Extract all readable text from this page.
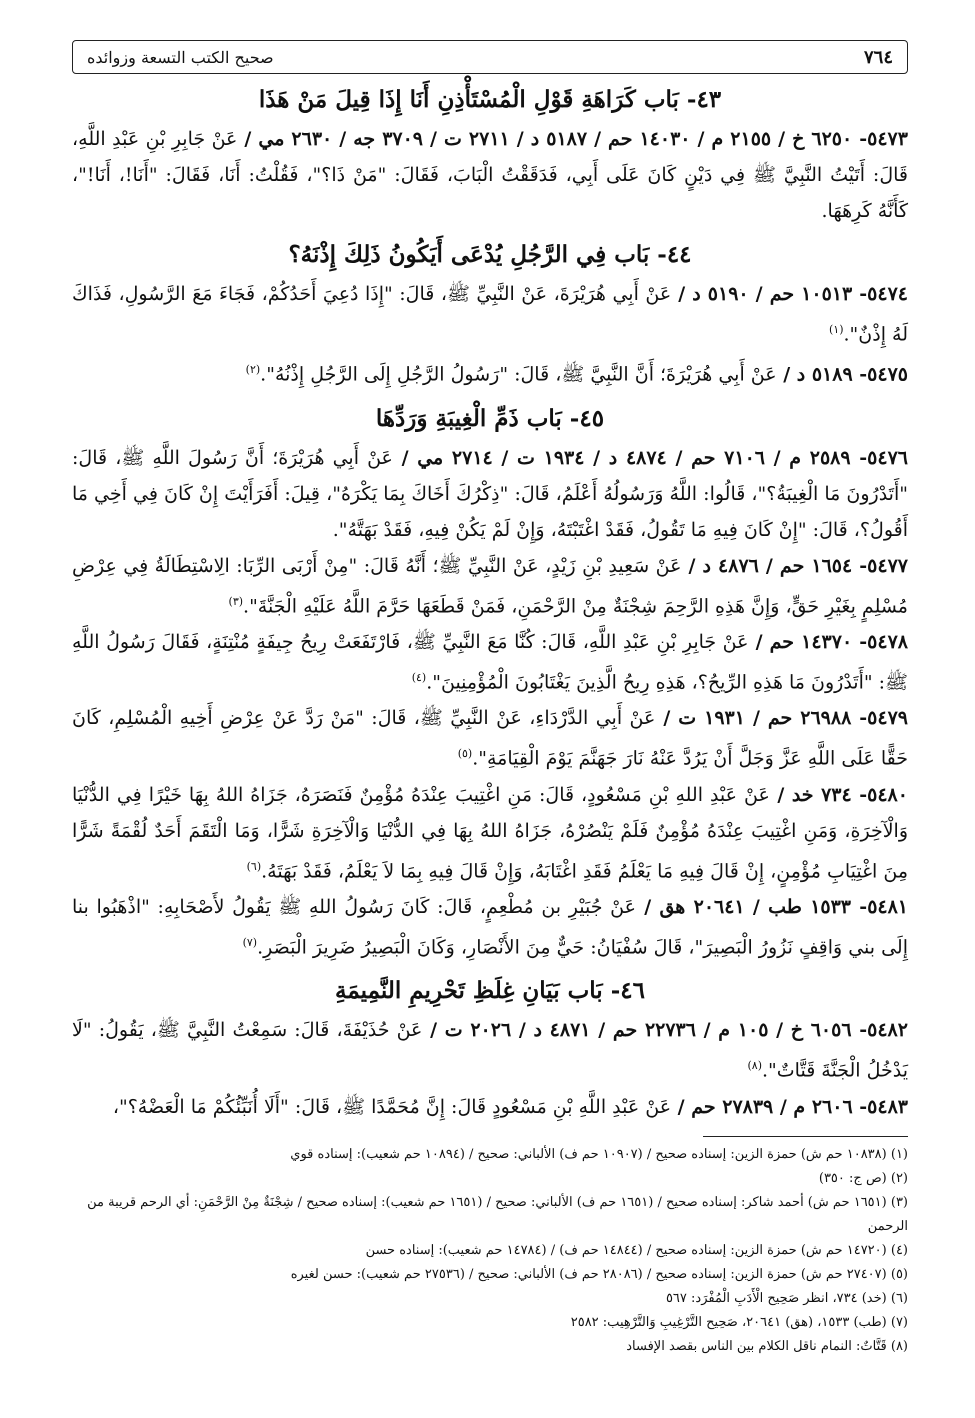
٧٦٤
صحيح الكتب التسعة وزوائده
٤٣- بَاب كَرَاهَةِ قَوْلِ الْمُسْتَأْذِنِ أَنَا إِذَا قِيلَ مَنْ هَذَا

٥٤٧٣- ٦٢٥٠ خ / ٢١٥٥ م / ١٤٠٣٠ حم / ٥١٨٧ د / ٢٧١١ ت / ٣٧٠٩ جه / ٢٦٣٠ مي / عَنْ جَابِرِ بْنِ عَبْدِ اللَّهِ، قَالَ: أَتَيْتُ النَّبِيَّ ﷺ فِي دَيْنٍ كَانَ عَلَى أَبِي، فَدَقَقْتُ الْبَابَ، فَقَالَ: "مَنْ ذَا؟"، فَقُلْتُ: أَنَا، فَقَالَ: "أَنَا!، أَنَا!"، كَأَنَّهُ كَرِهَهَا.

٤٤- بَاب فِي الرَّجُلِ يُدْعَى أَيَكُونُ ذَلِكَ إِذْنَهُ؟

٥٤٧٤- ١٠٥١٣ حم / ٥١٩٠ د / عَنْ أَبِي هُرَيْرَةَ، عَنْ النَّبِيِّ ﷺ، قَالَ: "إِذَا دُعِيَ أَحَدُكُمْ، فَجَاءَ مَعَ الرَّسُولِ، فَذَاكَ لَهُ إِذْنٌ".$^{(١)}$

٥٤٧٥- ٥١٨٩ د / عَنْ أَبِي هُرَيْرَةَ؛ أَنَّ النَّبِيَّ ﷺ، قَالَ: "رَسُولُ الرَّجُلِ إِلَى الرَّجُلِ إِذْنُهُ".$^{(٢)}$

٤٥- بَاب ذَمِّ الْغِيبَةِ وَرَدِّهَا

٥٤٧٦- ٢٥٨٩ م / ٧١٠٦ حم / ٤٨٧٤ د / ١٩٣٤ ت / ٢٧١٤ مي / عَنْ أَبِي هُرَيْرَةَ؛ أَنَّ رَسُولَ اللَّهِ ﷺ، قَالَ: "أَتَدْرُونَ مَا الْغِيبَةُ؟"، قَالُوا: اللَّهُ وَرَسُولُهُ أَعْلَمُ، قَالَ: "ذِكْرُكَ أَخَاكَ بِمَا يَكْرَهُ"، قِيلَ: أَفَرَأَيْتَ إِنْ كَانَ فِي أَخِي مَا أَقُولُ؟، قَالَ: "إِنْ كَانَ فِيهِ مَا تَقُولُ، فَقَدْ اغْتَبْتَهُ، وَإِنْ لَمْ يَكُنْ فِيهِ، فَقَدْ بَهَتَّهُ".

٥٤٧٧- ١٦٥٤ حم / ٤٨٧٦ د / عَنْ سَعِيدِ بْنِ زَيْدٍ، عَنْ النَّبِيِّ ﷺ؛ أَنَّهُ قَالَ: "مِنْ أَرْبَى الرِّبَا: الِاسْتِطَالَةُ فِي عِرْضِ مُسْلِمٍ بِغَيْرِ حَقٍّ، وَإِنَّ هَذِهِ الرَّحِمَ شِجْنَةٌ مِنْ الرَّحْمَنِ، فَمَنْ قَطَعَهَا حَرَّمَ اللَّهُ عَلَيْهِ الْجَنَّةَ".$^{(٣)}$

٥٤٧٨- ١٤٣٧٠ حم / عَنْ جَابِرِ بْنِ عَبْدِ اللَّهِ، قَالَ: كُنَّا مَعَ النَّبِيِّ ﷺ، فَارْتَفَعَتْ رِيحُ جِيفَةٍ مُنْتِنَةٍ، فَقَالَ رَسُولُ اللَّهِ ﷺ: "أَتَدْرُونَ مَا هَذِهِ الرِّيحُ؟، هَذِهِ رِيحُ الَّذِينَ يَغْتَابُونَ الْمُؤْمِنِينَ".$^{(٤)}$

٥٤٧٩- ٢٦٩٨٨ حم / ١٩٣١ ت / عَنْ أَبِي الدَّرْدَاءِ، عَنْ النَّبِيِّ ﷺ، قَالَ: "مَنْ رَدَّ عَنْ عِرْضِ أَخِيهِ الْمُسْلِمِ، كَانَ حَقًّا عَلَى اللَّهِ عَزَّ وَجَلَّ أَنْ يَرُدَّ عَنْهُ نَارَ جَهَنَّمَ يَوْمَ الْقِيَامَةِ".$^{(٥)}$

٥٤٨٠- ٧٣٤ خد / عَنْ عَبْدِ اللهِ بْنِ مَسْعُودٍ، قَالَ: مَنِ اغْتِيبَ عِنْدَهُ مُؤْمِنٌ فَنَصَرَهُ، جَزَاهُ اللهُ بِهَا خَيْرًا فِي الدُّنْيَا وَالْآخِرَةِ، وَمَنِ اغْتِيبَ عِنْدَهُ مُؤْمِنٌ فَلَمْ يَنْصُرْهُ، جَزَاهُ اللهُ بِهَا فِي الدُّنْيَا وَالْآخِرَةِ شَرًّا، وَمَا الْتَقَمَ أَحَدٌ لُقْمَةً شَرًّا مِنَ اغْتِيَابِ مُؤْمِنٍ، إِنْ قَالَ فِيهِ مَا يَعْلَمُ فَقَدِ اغْتَابَهُ، وَإِنْ قَالَ فِيهِ بِمَا لاَ يَعْلَمُ، فَقَدْ بَهَتَهُ.$^{(٦)}$

٥٤٨١- ١٥٣٣ طب / ٢٠٦٤١ هق / عَنْ جُبَيْرِ بن مُطْعِمٍ، قَالَ: كَانَ رَسُولُ اللهِ ﷺ يَقُولُ لأَصْحَابِهِ: "اذْهَبُوا بنا إِلَى بني وَاقِفٍ نَزُورُ الْبَصِيرَ"، قَالَ سُفْيَانُ: حَيٌّ مِنَ الأَنْصَارِ، وَكَانَ الْبَصِيرُ ضَرِيرَ الْبَصَرِ.$^{(٧)}$

٤٦- بَاب بَيَانِ غِلَظِ تَحْرِيمِ النَّمِيمَةِ

٥٤٨٢- ٦٠٥٦ خ / ١٠٥ م / ٢٢٧٣٦ حم / ٤٨٧١ د / ٢٠٢٦ ت / عَنْ حُذَيْفَةَ، قَالَ: سَمِعْتُ النَّبِيَّ ﷺ، يَقُولُ: "لَا يَدْخُلُ الْجَنَّةَ قَتَّاتٌ".$^{(٨)}$

٥٤٨٣- ٢٦٠٦ م / ٢٧٨٣٩ حم / عَنْ عَبْدِ اللَّهِ بْنِ مَسْعُودٍ قَالَ: إِنَّ مُحَمَّدًا ﷺ، قَالَ: "أَلَا أُنَبِّئُكُمْ مَا الْعَضْهُ؟"،

(١) (١٠٨٣٨ حم ش) حمزة الزين: إسناده صحيح / (١٠٩٠٧ حم ف) الألباني: صحيح / (١٠٨٩٤ حم شعيب): إسناده قوي

(٢) (ص ج: ٣٥٠)

(٣) (١٦٥١ حم ش) أحمد شاكر: إسناده صحيح / (١٦٥١ حم ف) الألباني: صحيح / (١٦٥١ حم شعيب): إسناده صحيح / شِجْنَةٌ مِنْ الرَّحْمَنِ: أي الرحم قريبة من الرحمن

(٤) (١٤٧٢٠ حم ش) حمزة الزين: إسناده صحيح / (١٤٨٤٤ حم ف) / (١٤٧٨٤ حم شعيب): إسناده حسن

(٥) (٢٧٤٠٧ حم ش) حمزة الزين: إسناده صحيح / (٢٨٠٨٦ حم ف) الألباني: صحيح / (٢٧٥٣٦ حم شعيب): حسن لغيره

(٦) (خد) ٧٣٤، انظر صَحِيح الْأَدَبِ الْمُفْرَد: ٥٦٧

(٧) (طب) ١٥٣٣، (هق) ٢٠٦٤١، صَحِيح التَّرْغِيبِ وَالتَّرْهِيب: ٢٥٨٢

(٨) قَتَّاتٌ: النمام ناقل الكلام بين الناس بقصد الإفساد
